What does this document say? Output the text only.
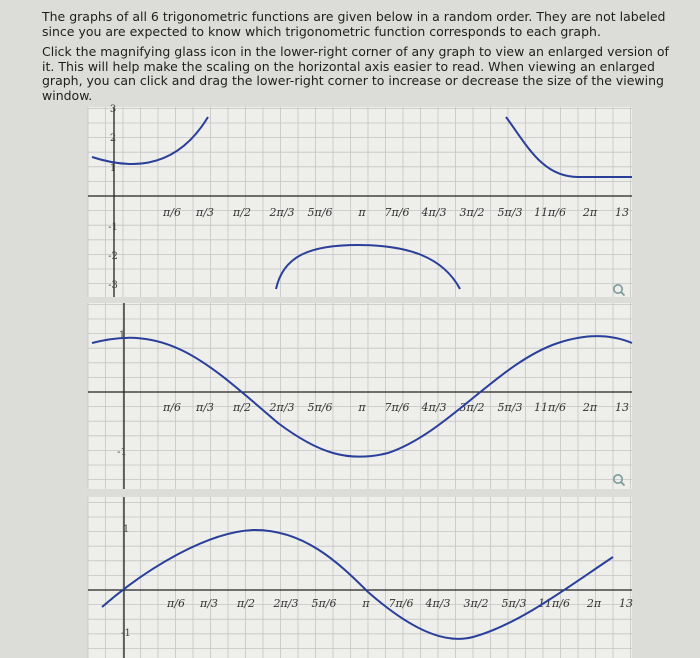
The graphs of all 6 trigonometric functions are given below in a random order. They are not labeled since you are expected to know which trigonometric function corresponds to each graph.

Click the magnifying glass icon in the lower-right corner of any graph to view an enlarged version of it. This will help make the scaling on the horizontal axis easier to read. When viewing an enlarged graph, you can click and drag the lower-right corner to increase or decrease the size of the viewing window.

π/6 π/3 π/2 2π/3 5π/6 π 7π/6 4π/3 3π/2 5π/3 11π/6 2π 13
3
2
1
-1
-2
-3
π/6 π/3 π/2 2π/3 5π/6 π 7π/6 4π/3 3π/2 5π/3 11π/6 2π 13
1
-1
π/6 π/3 π/2 2π/3 5π/6 π 7π/6 4π/3 3π/2 5π/3 11π/6 2π 13
1
-1
